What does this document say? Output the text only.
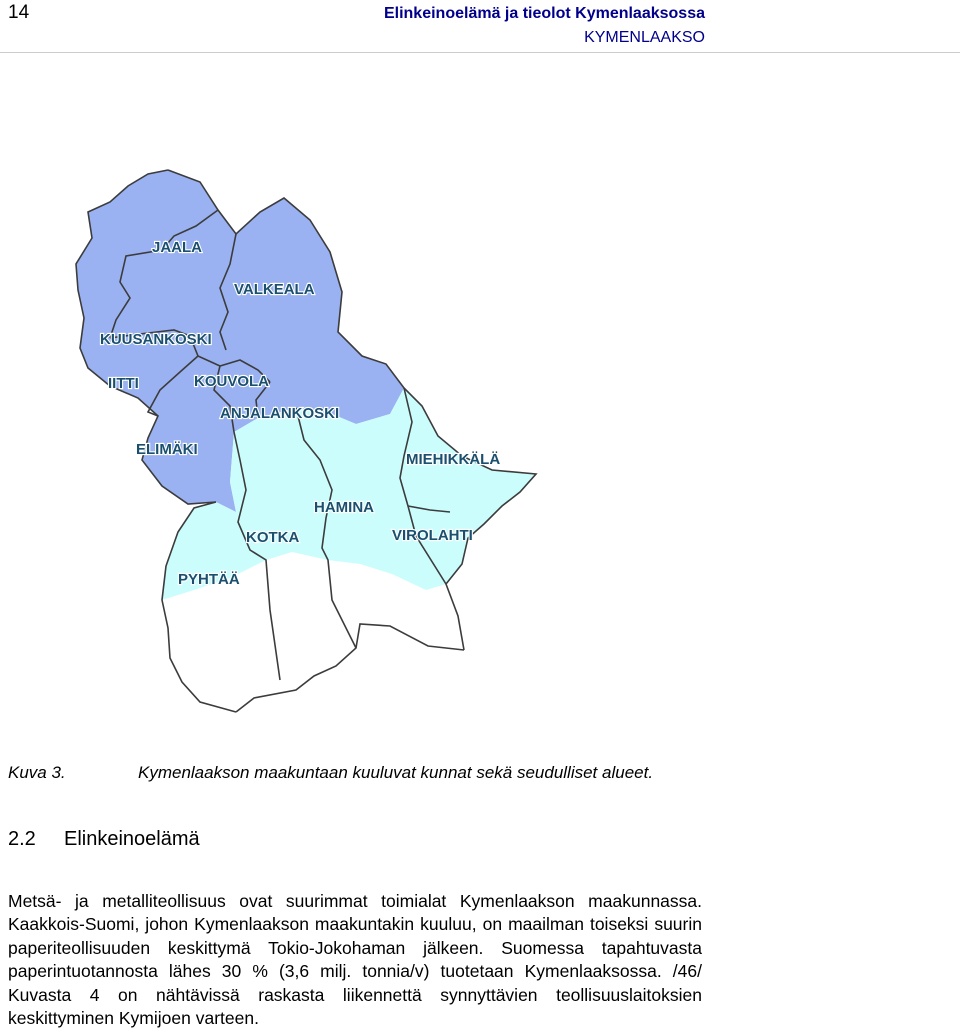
14	Elinkeinoelämä ja tieolot Kymenlaaksossa
KYMENLAAKSO
JAALA
VALKEALA
KUUSANKOSKI
IITTI	KOUVOLA
ANJALANKOSKI
ELIMÄKI
MIEHIKKÄLÄ
HAMINA
VIROLAHTI
KOTKA
PYHTÄÄ
Kuva 3.	Kymenlaakson maakuntaan kuuluvat kunnat sekä seudulliset alueet.
2.2 Elinkeinoelämä

Metsä- ja metalliteollisuus ovat suurimmat toimialat Kymenlaakson maakunnassa. Kaakkois-Suomi, johon Kymenlaakson maakuntakin kuuluu, on maailman toiseksi suurin paperiteollisuuden keskittymä Tokio-Jokohaman jälkeen. Suomessa tapahtuvasta paperintuotannosta lähes 30 % (3,6 milj. tonnia/v) tuotetaan Kymenlaaksossa. /46/ Kuvasta 4 on nähtävissä raskasta liikennettä synnyttävien teollisuuslaitoksien keskittyminen Kymijoen varteen.
